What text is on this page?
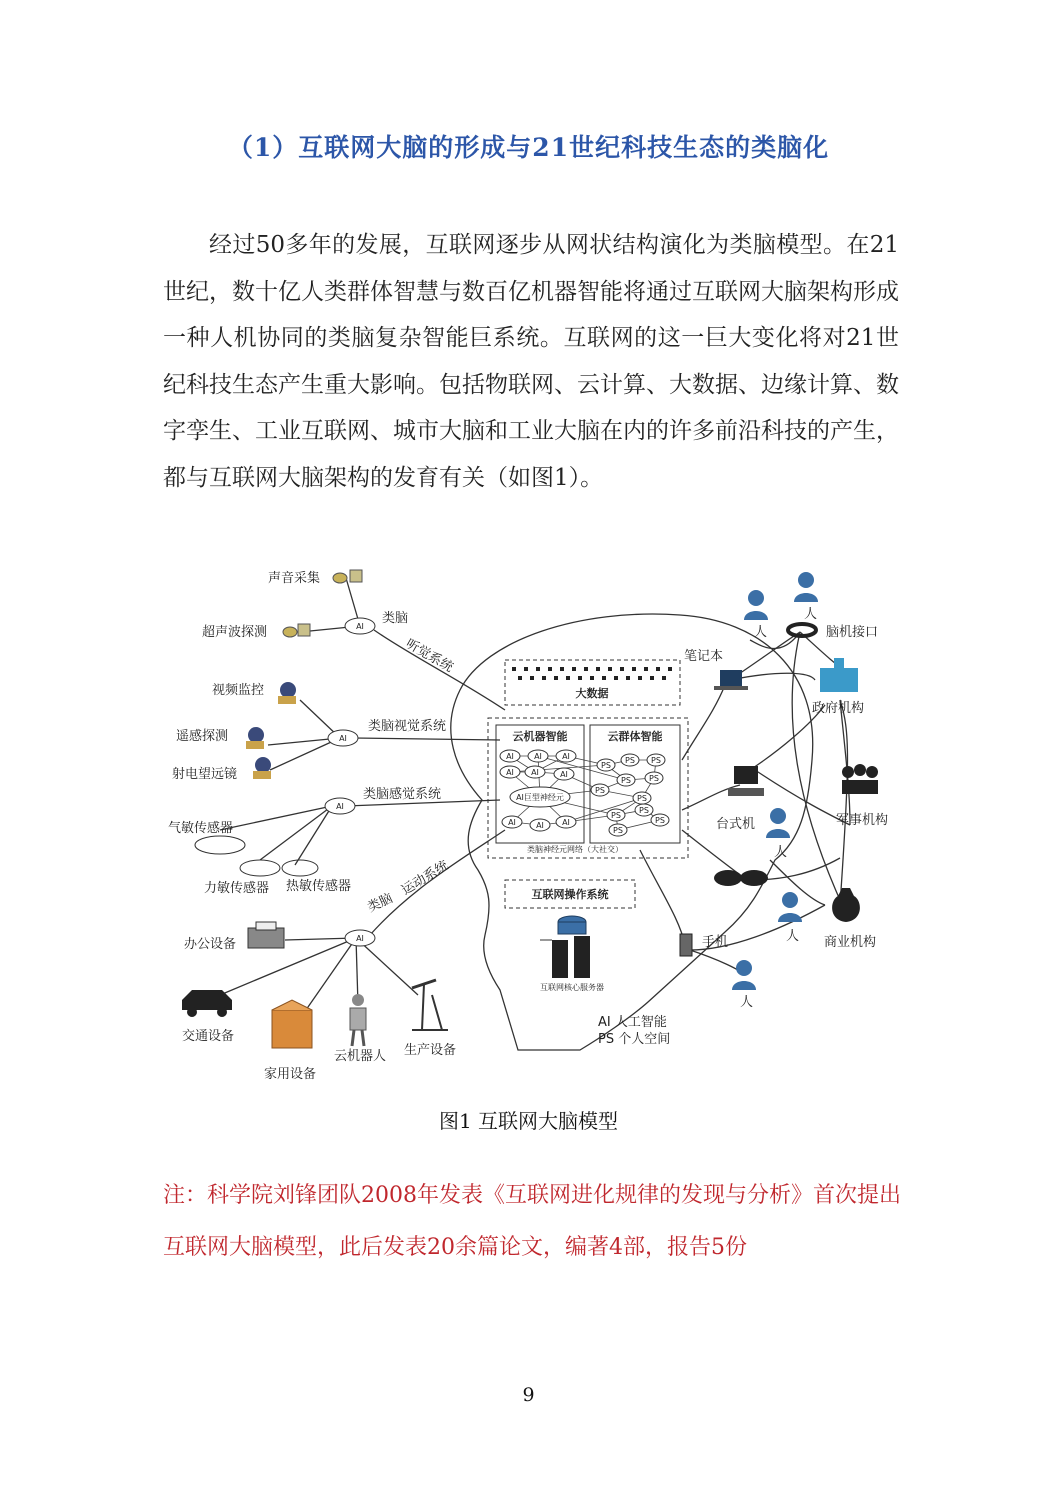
（1）互联网大脑的形成与21世纪科技生态的类脑化

经过50多年的发展，互联网逐步从网状结构演化为类脑模型。在21世纪，数十亿人类群体智慧与数百亿机器智能将通过互联网大脑架构形成一种人机协同的类脑复杂智能巨系统。互联网的这一巨大变化将对21世纪科技生态产生重大影响。包括物联网、云计算、大数据、边缘计算、数字孪生、工业互联网、城市大脑和工业大脑在内的许多前沿科技的产生，都与互联网大脑架构的发育有关（如图1）。

大数据
云机器智能	云群体智能
AI	AI	AI
AI AI	AI
AI巨型神经元
AI	AI AI
PS
PS PS
PS PS
PS
PS
PS
PS
PS
PS
类脑神经元网络（大社交）
互联网操作系统
互联网核心服务器
AI 人工智能
PS 个人空间
AI
AI
AI
AI
类脑
听觉系统
类脑视觉系统
类脑感觉系统
类脑
运动系统
声音采集
超声波探测
视频监控
遥感探测
射电望远镜
气敏传感器
力敏传感器 热敏传感器
办公设备
交通设备
家用设备
云机器人 生产设备
人
人
笔记本
脑机接口
政府机构
台式机
人
军事机构
人
手机	商业机构
人
图1 互联网大脑模型
注：科学院刘锋团队2008年发表《互联网进化规律的发现与分析》首次提出互联网大脑模型，此后发表20余篇论文，编著4部，报告5份
9
